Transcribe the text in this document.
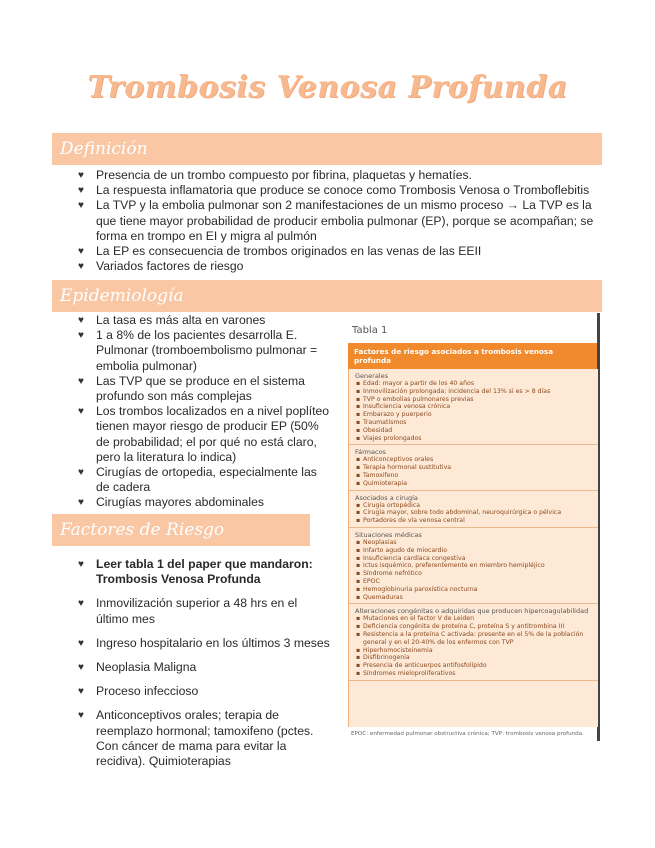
Trombosis Venosa Profunda
Definición
♥ Presencia de un trombo compuesto por fibrina, plaquetas y hematíes.
♥ La respuesta inflamatoria que produce se conoce como Trombosis Venosa o Tromboflebitis
♥ La TVP y la embolia pulmonar son 2 manifestaciones de un mismo proceso → La TVP es la que tiene mayor probabilidad de producir embolia pulmonar (EP), porque se acompañan; se forma en trompo en EI y migra al pulmón
♥ La EP es consecuencia de trombos originados en las venas de las EEII
♥ Variados factores de riesgo
Epidemiología
♥ La tasa es más alta en varones
♥ 1 a 8% de los pacientes desarrolla E. Pulmonar (tromboembolismo pulmonar = embolia pulmonar)
♥ Las TVP que se produce en el sistema profundo son más complejas
♥ Los trombos localizados en a nivel poplíteo tienen mayor riesgo de producir EP (50% de probabilidad; el por qué no está claro, pero la literatura lo indica)
♥ Cirugías de ortopedia, especialmente las de cadera
♥ Cirugías mayores abdominales
Factores de Riesgo
♥ Leer tabla 1 del paper que mandaron: Trombosis Venosa Profunda
♥ Inmovilización superior a 48 hrs en el último mes
♥ Ingreso hospitalario en los últimos 3 meses
♥ Neoplasia Maligna
♥ Proceso infeccioso
♥ Anticonceptivos orales; terapia de reemplazo hormonal; tamoxifeno (pctes. Con cáncer de mama para evitar la recidiva). Quimioterapias
Tabla 1
Factores de riesgo asociados a trombosis venosa profunda
Generales
▪ Edad: mayor a partir de los 40 años
▪ Inmovilización prolongada: incidencia del 13% si es > 8 días
▪ TVP o embolias pulmonares previas
▪ Insuficiencia venosa crónica
▪ Embarazo y puerperio
▪ Traumatismos
▪ Obesidad
▪ Viajes prolongados
Fármacos
▪ Anticonceptivos orales
▪ Terapia hormonal sustitutiva
▪ Tamoxifeno
▪ Quimioterapia
Asociados a cirugía
▪ Cirugía ortopédica
▪ Cirugía mayor, sobre todo abdominal, neuroquirúrgica o pélvica
▪ Portadores de vía venosa central
Situaciones médicas
▪ Neoplasias
▪ Infarto agudo de miocardio
▪ Insuficiencia cardíaca congestiva
▪ Ictus isquémico, preferentemente en miembro hemipléjico
▪ Síndrome nefrótico
▪ EPOC
▪ Hemoglobinuria paroxística nocturna
▪ Quemaduras
Alteraciones congénitas o adquiridas que producen hipercoagulabilidad
▪ Mutaciones en el factor V de Leiden
▪ Deficiencia congénita de proteína C, proteína S y antitrombina III
▪ Resistencia a la proteína C activada: presente en el 5% de la población general y en el 20-40% de los enfermos con TVP
▪ Hiperhomocisteinemia
▪ Disfibrinogenia
▪ Presencia de anticuerpos antifosfolípido
▪ Síndromes mieloproliferativos
EPOC: enfermedad pulmonar obstructiva crónica; TVP: trombosis venosa profunda.
